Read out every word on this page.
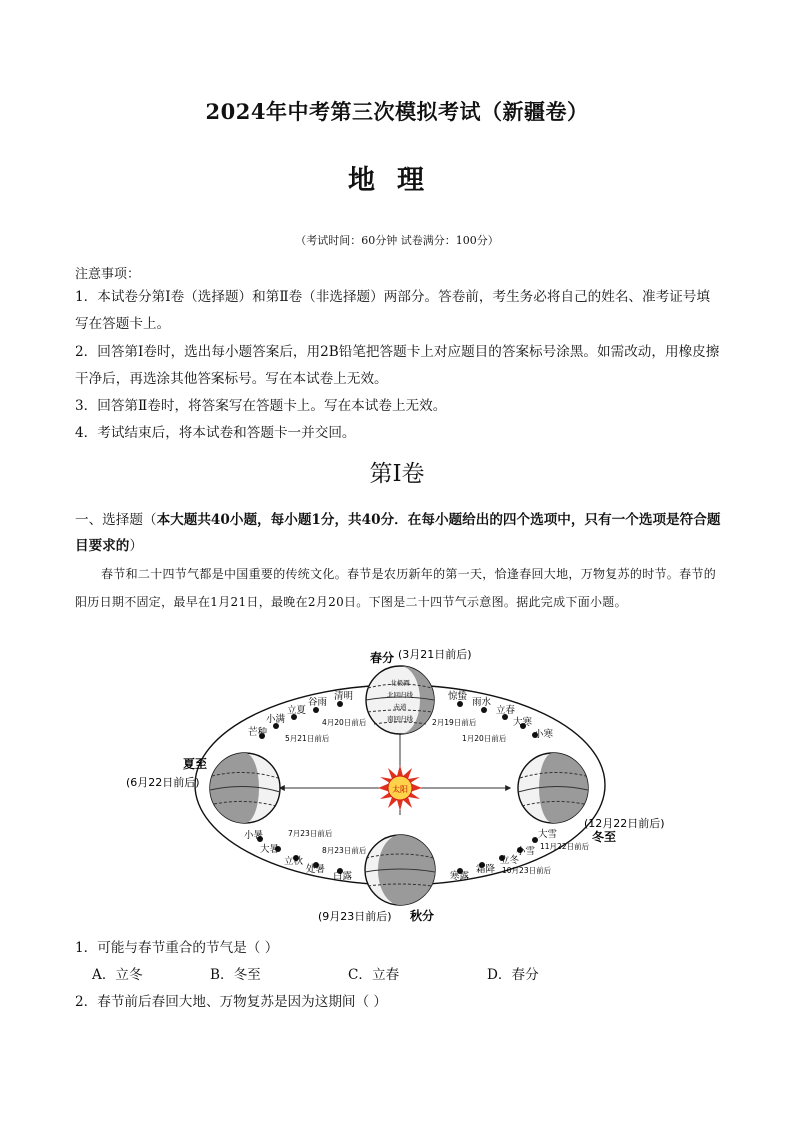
2024年中考第三次模拟考试（新疆卷）
地理
（考试时间：60分钟 试卷满分：100分）
注意事项：
1．本试卷分第Ⅰ卷（选择题）和第Ⅱ卷（非选择题）两部分。答卷前，考生务必将自己的姓名、准考证号填写在答题卡上。
2．回答第Ⅰ卷时，选出每小题答案后，用2B铅笔把答题卡上对应题目的答案标号涂黑。如需改动，用橡皮擦干净后，再选涂其他答案标号。写在本试卷上无效。
3．回答第Ⅱ卷时，将答案写在答题卡上。写在本试卷上无效。
4．考试结束后，将本试卷和答题卡一并交回。
第Ⅰ卷
一、选择题（本大题共40小题，每小题1分，共40分．在每小题给出的四个选项中，只有一个选项是符合题目要求的）
春节和二十四节气都是中国重要的传统文化。春节是农历新年的第一天，恰逢春回大地，万物复苏的时节。春节的阳历日期不固定，最早在1月21日，最晚在2月20日。下图是二十四节气示意图。据此完成下面小题。
太阳
北极圈
北回归线
赤道
南回归线
春分 (3月21日前后)
夏至
(6月22日前后)
冬至
(12月22日前后)
(9月23日前后) 秋分
惊蛰
雨水
立春
大寒
小寒
清明
谷雨
立夏
小满
芒种
小暑
大暑
立秋
处暑
白露
大雪
小雪
立冬
霜降
寒露
4月20日前后
5月21日前后
2月19日前后
1月20日前后
7月23日前后
8月23日前后	11月22日前后
10月23日前后
1．可能与春节重合的节气是（ ）
A．立冬	B．冬至	C．立春	D．春分
2．春节前后春回大地、万物复苏是因为这期间（ ）
